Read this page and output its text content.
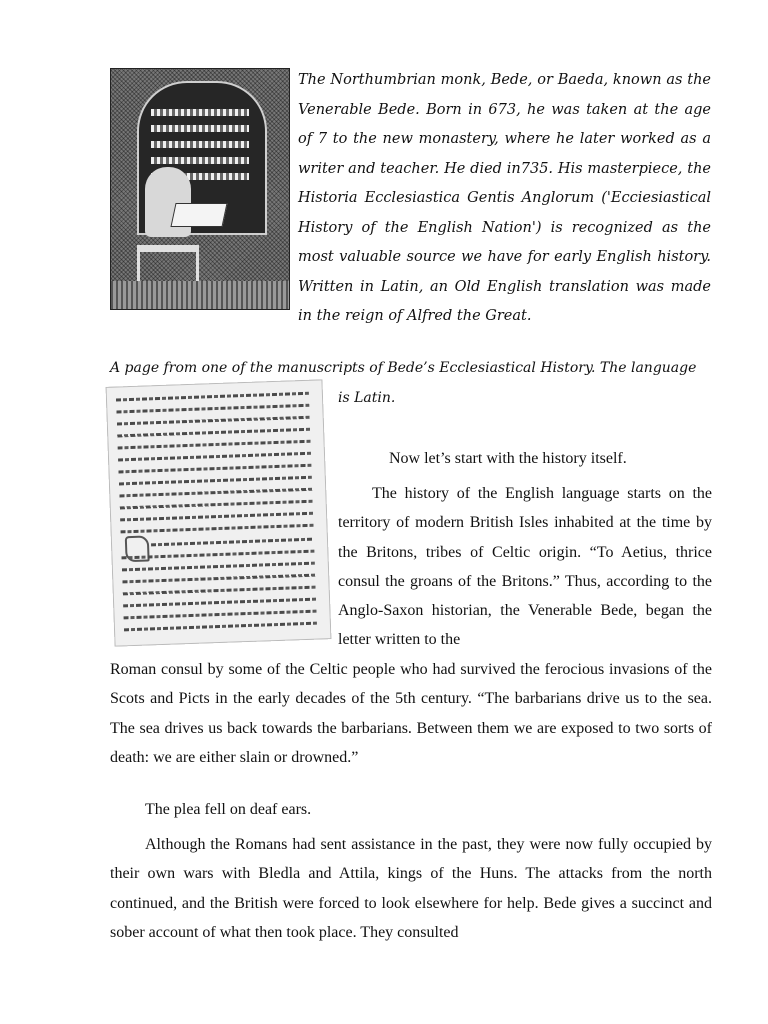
The Northumbrian monk, Bede, or Baeda, known as the Venerable Bede. Born in 673, he was taken at the age of 7 to the new monastery, where he later worked as a writer and teacher. He died in735. His masterpiece, the Historia Ecclesiastica Gentis Anglorum ('Ecciesiastical History of the English Nation') is recognized as the most valuable source we have for early English history. Written in Latin, an Old English translation was made in the reign of Alfred the Great.

A page from one of the manuscripts of Bede’s Ecclesiastical History. The language

is Latin.

Now let’s start with the history itself.

The history of the English language starts on the territory of modern British Isles inhabited at the time by the Britons, tribes of Celtic origin. “To Aetius, thrice consul the groans of the Britons.” Thus, according to the Anglo-Saxon historian, the Venerable Bede, began the letter written to the

Roman consul by some of the Celtic people who had survived the ferocious invasions of the Scots and Picts in the early decades of the 5th century. “The barbarians drive us to the sea. The sea drives us back towards the barbarians. Between them we are exposed to two sorts of death: we are either slain or drowned.”

The plea fell on deaf ears.

Although the Romans had sent assistance in the past, they were now fully occupied by their own wars with Bledla and Attila, kings of the Huns. The attacks from the north continued, and the British were forced to look elsewhere for help. Bede gives a succinct and sober account of what then took place. They consulted
